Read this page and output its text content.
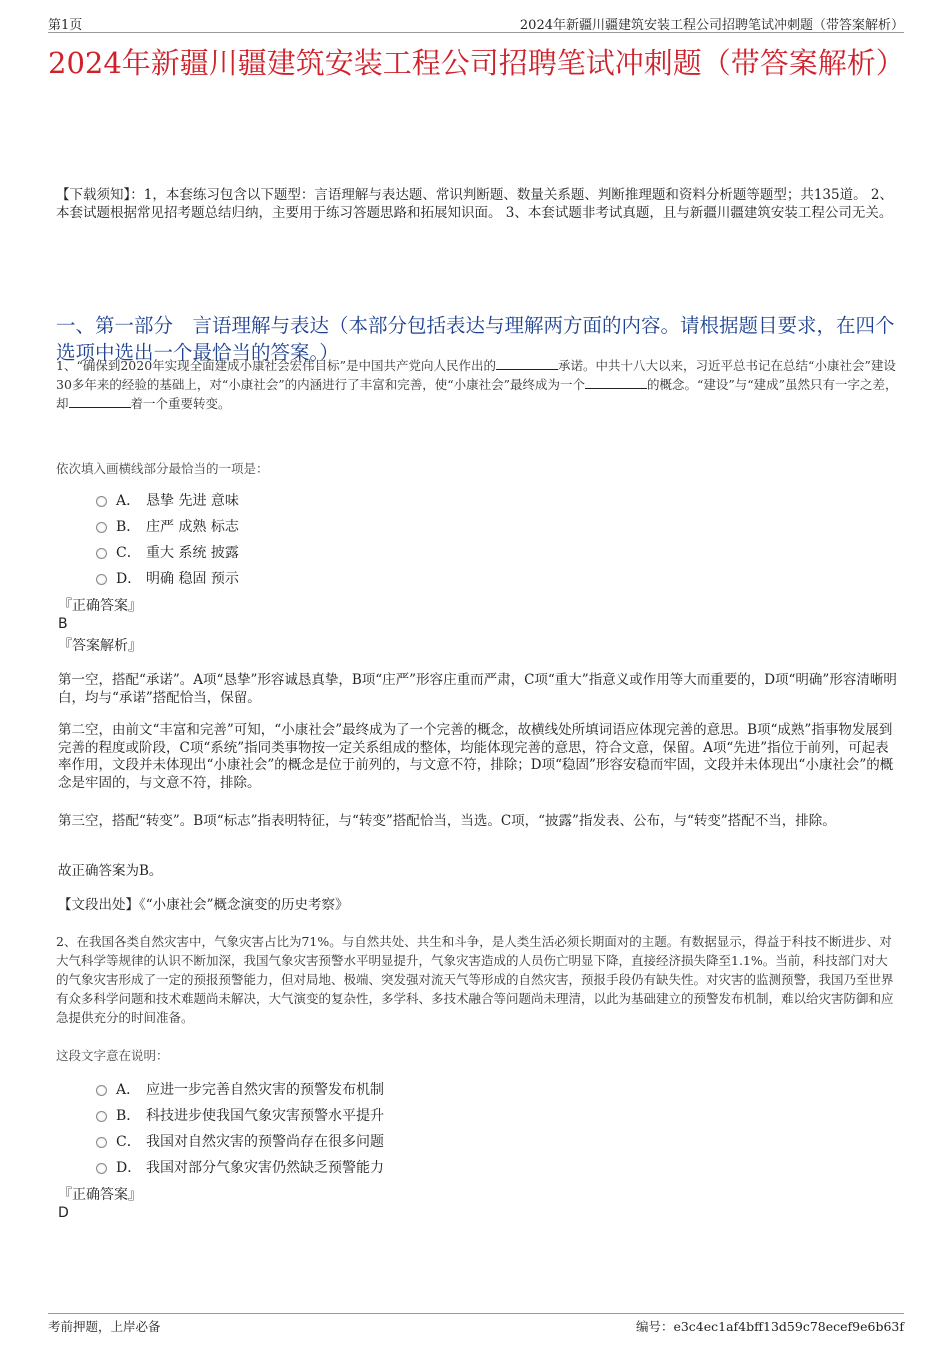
第1页	2024年新疆川疆建筑安装工程公司招聘笔试冲刺题（带答案解析）
2024年新疆川疆建筑安装工程公司招聘笔试冲刺题（带答案解析）
【下载须知】：1，本套练习包含以下题型：言语理解与表达题、常识判断题、数量关系题、判断推理题和资料分析题等题型；共135道。 2、本套试题根据常见招考题总结归纳，主要用于练习答题思路和拓展知识面。 3、本套试题非考试真题，且与新疆川疆建筑安装工程公司无关。
一、第一部分　言语理解与表达（本部分包括表达与理解两方面的内容。请根据题目要求，在四个选项中选出一个最恰当的答案。）
1、“确保到2020年实现全面建成小康社会宏伟目标”是中国共产党向人民作出的	承诺。中共十八大以来，习近平总书记在总结“小康社会”建设30多年来的经验的基础上，对“小康社会”的内涵进行了丰富和完善，使“小康社会”最终成为一个	的概念。“建设”与“建成”虽然只有一字之差，却	着一个重要转变。
依次填入画横线部分最恰当的一项是：
A． 恳挚 先进 意味
B． 庄严 成熟 标志
C． 重大 系统 披露
D． 明确 稳固 预示
『正确答案』
B
『答案解析』
第一空，搭配“承诺”。A项“恳挚”形容诚恳真挚，B项“庄严”形容庄重而严肃，C项“重大”指意义或作用等大而重要的，D项“明确”形容清晰明白，均与“承诺”搭配恰当，保留。
第二空，由前文“丰富和完善”可知，“小康社会”最终成为了一个完善的概念，故横线处所填词语应体现完善的意思。B项“成熟”指事物发展到完善的程度或阶段，C项“系统”指同类事物按一定关系组成的整体，均能体现完善的意思，符合文意，保留。A项“先进”指位于前列，可起表率作用，文段并未体现出“小康社会”的概念是位于前列的，与文意不符，排除；D项“稳固”形容安稳而牢固，文段并未体现出“小康社会”的概念是牢固的，与文意不符，排除。
第三空，搭配“转变”。B项“标志”指表明特征，与“转变”搭配恰当，当选。C项，“披露”指发表、公布，与“转变”搭配不当，排除。
故正确答案为B。
【文段出处】《“小康社会”概念演变的历史考察》
2、在我国各类自然灾害中，气象灾害占比为71%。与自然共处、共生和斗争，是人类生活必须长期面对的主题。有数据显示，得益于科技不断进步、对大气科学等规律的认识不断加深，我国气象灾害预警水平明显提升，气象灾害造成的人员伤亡明显下降，直接经济损失降至1.1%。当前，科技部门对大的气象灾害形成了一定的预报预警能力，但对局地、极端、突发强对流天气等形成的自然灾害，预报手段仍有缺失性。对灾害的监测预警，我国乃至世界有众多科学问题和技术难题尚未解决，大气演变的复杂性，多学科、多技术融合等问题尚未理清，以此为基础建立的预警发布机制，难以给灾害防御和应急提供充分的时间准备。
这段文字意在说明：
A． 应进一步完善自然灾害的预警发布机制
B． 科技进步使我国气象灾害预警水平提升
C． 我国对自然灾害的预警尚存在很多问题
D． 我国对部分气象灾害仍然缺乏预警能力
『正确答案』
D
考前押题，上岸必备	编号：e3c4ec1af4bff13d59c78ecef9e6b63f
